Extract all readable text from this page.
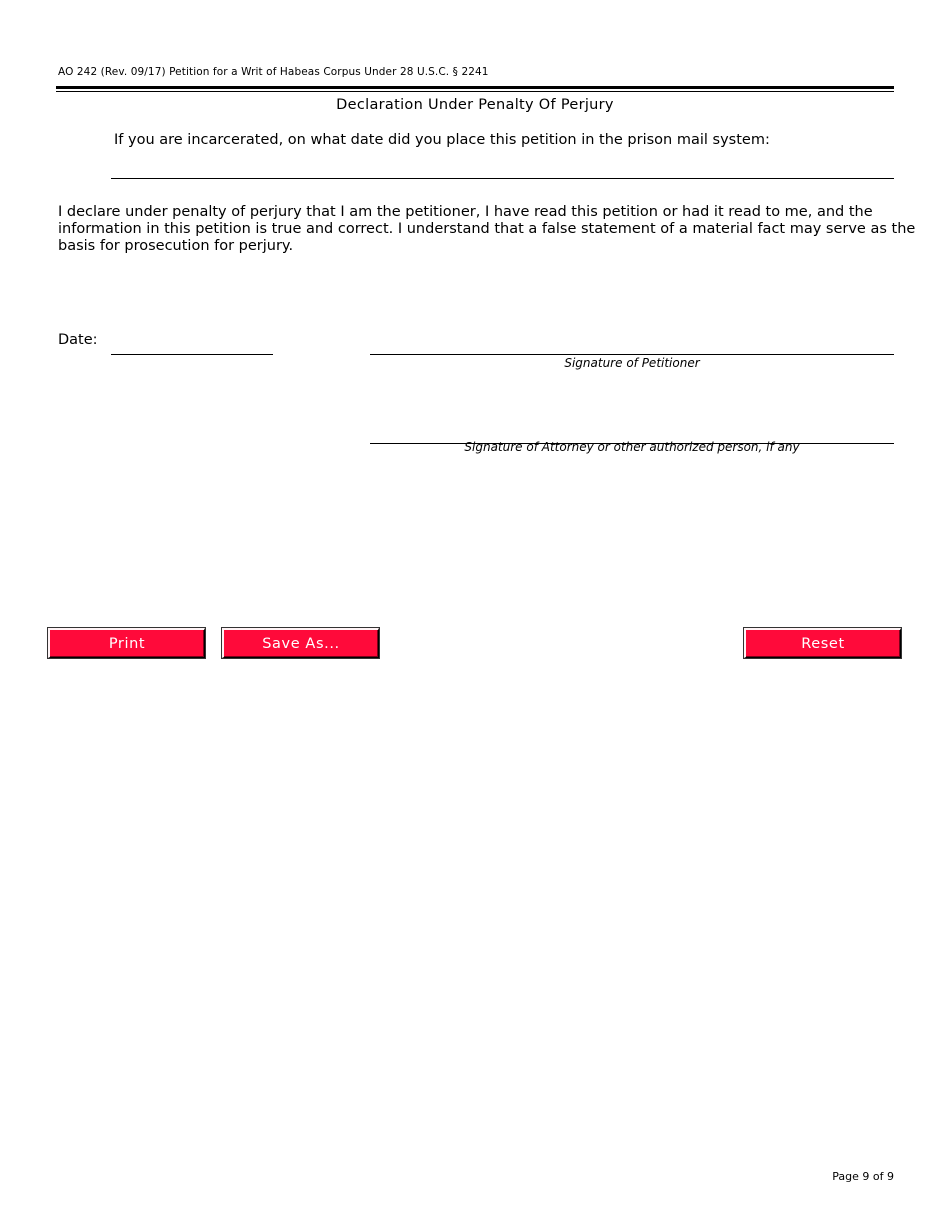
AO 242 (Rev. 09/17) Petition for a Writ of Habeas Corpus Under 28 U.S.C. § 2241
Declaration Under Penalty Of Perjury
If you are incarcerated, on what date did you place this petition in the prison mail system:
I declare under penalty of perjury that I am the petitioner, I have read this petition or had it read to me, and the information in this petition is true and correct. I understand that a false statement of a material fact may serve as the basis for prosecution for perjury.
Date:
Signature of Petitioner
Signature of Attorney or other authorized person, if any
Print	Save As...	Reset
Page 9 of 9
